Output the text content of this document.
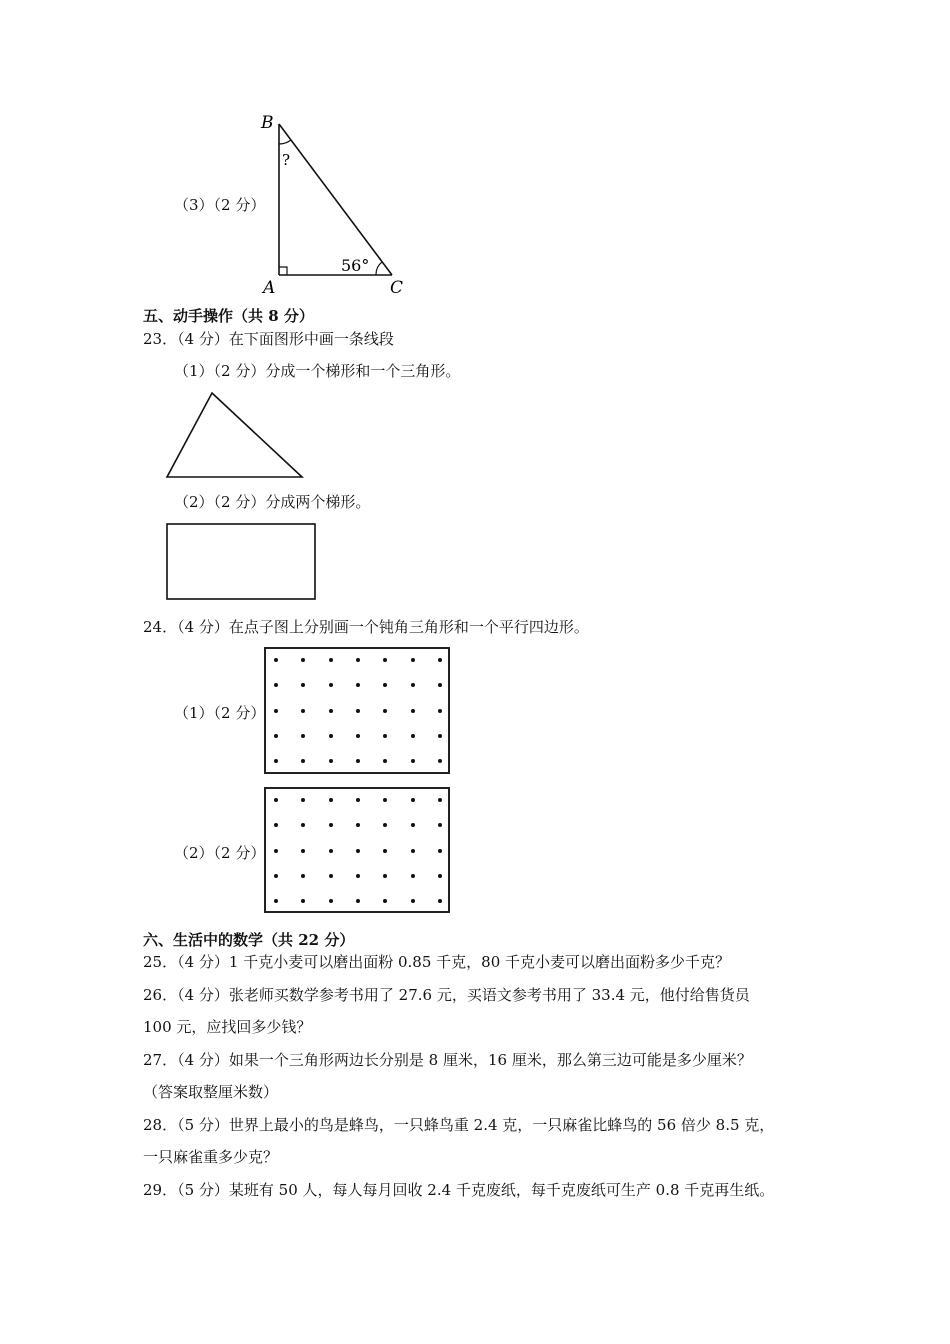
（3）（2 分）
B
?
A	C
56°
五、动手操作（共 8 分）
23．（4 分）在下面图形中画一条线段
（1）（2 分）分成一个梯形和一个三角形。
（2）（2 分）分成两个梯形。
24．（4 分）在点子图上分别画一个钝角三角形和一个平行四边形。
（1）（2 分）
（2）（2 分）
六、生活中的数学（共 22 分）
25．（4 分）1 千克小麦可以磨出面粉 0.85 千克，80 千克小麦可以磨出面粉多少千克？
26．（4 分）张老师买数学参考书用了 27.6 元，买语文参考书用了 33.4 元，他付给售货员
100 元，应找回多少钱？
27．（4 分）如果一个三角形两边长分别是 8 厘米，16 厘米，那么第三边可能是多少厘米？
（答案取整厘米数）
28．（5 分）世界上最小的鸟是蜂鸟，一只蜂鸟重 2.4 克，一只麻雀比蜂鸟的 56 倍少 8.5 克，
一只麻雀重多少克？
29．（5 分）某班有 50 人，每人每月回收 2.4 千克废纸，每千克废纸可生产 0.8 千克再生纸。
